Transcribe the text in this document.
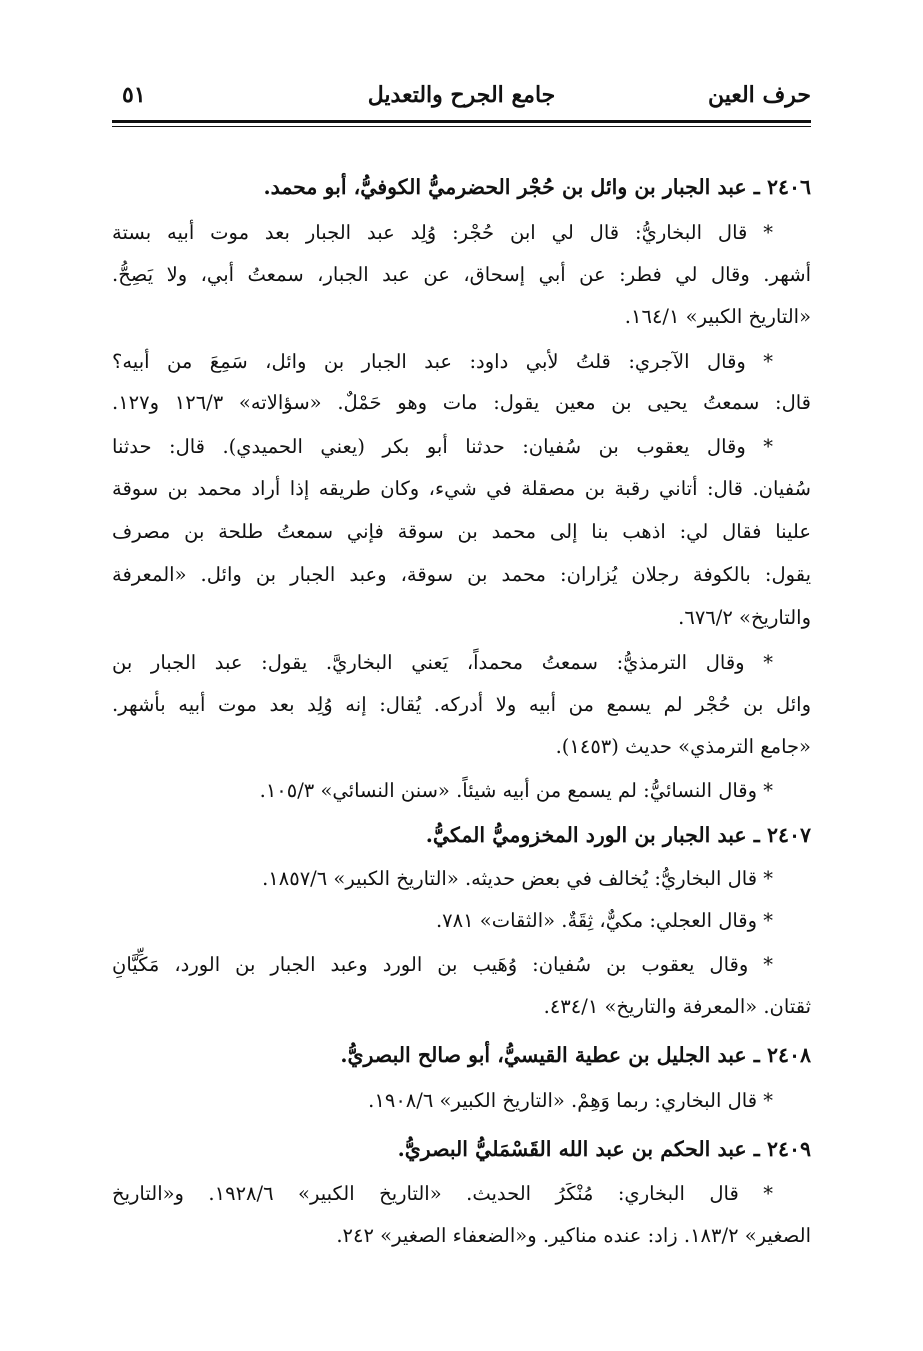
حرف العين
جامع الجرح والتعديل
٥١
٢٤٠٦ ـ عبد الجبار بن وائل بن حُجْر الحضرميُّ الكوفيُّ، أبو محمد.
* قال البخاريُّ: قال لي ابن حُجْر: وُلِد عبد الجبار بعد موت أبيه بستة
أشهر. وقال لي فطر: عن أبي إسحاق، عن عبد الجبار، سمعتُ أبي، ولا يَصِحُّ.
«التاريخ الكبير» ١٦٤/١.
* وقال الآجري: قلتُ لأبي داود: عبد الجبار بن وائل، سَمِعَ من أبيه؟
قال: سمعتُ يحيى بن معين يقول: مات وهو حَمْلٌ. «سؤالاته» ١٢٦/٣ و١٢٧.
* وقال يعقوب بن سُفيان: حدثنا أبو بكر (يعني الحميدي). قال: حدثنا
سُفيان. قال: أتاني رقبة بن مصقلة في شيء، وكان طريقه إذا أراد محمد بن سوقة
علينا فقال لي: اذهب بنا إلى محمد بن سوقة فإني سمعتُ طلحة بن مصرف
يقول: بالكوفة رجلان يُزاران: محمد بن سوقة، وعبد الجبار بن وائل. «المعرفة
والتاريخ» ٦٧٦/٢.
* وقال الترمذيُّ: سمعتُ محمداً، يَعني البخاريَّ. يقول: عبد الجبار بن
وائل بن حُجْر لم يسمع من أبيه ولا أدركه. يُقال: إنه وُلِد بعد موت أبيه بأشهر.
«جامع الترمذي» حديث (١٤٥٣).
* وقال النسائيُّ: لم يسمع من أبيه شيئاً. «سنن النسائي» ١٠٥/٣.
٢٤٠٧ ـ عبد الجبار بن الورد المخزوميُّ المكيُّ.
* قال البخاريُّ: يُخالف في بعض حديثه. «التاريخ الكبير» ١٨٥٧/٦.
* وقال العجلي: مكيٌّ، ثِقَةٌ. «الثقات» ٧٨١.
* وقال يعقوب بن سُفيان: وُهَيب بن الورد وعبد الجبار بن الورد، مَكِّيَّانِ
ثقتان. «المعرفة والتاريخ» ٤٣٤/١.
٢٤٠٨ ـ عبد الجليل بن عطية القيسيُّ، أبو صالح البصريُّ.
* قال البخاري: ربما وَهِمْ. «التاريخ الكبير» ١٩٠٨/٦.
٢٤٠٩ ـ عبد الحكم بن عبد الله القَسْمَليُّ البصريُّ.
* قال البخاري: مُنْكَرُ الحديث. «التاريخ الكبير» ١٩٢٨/٦. و«التاريخ
الصغير» ١٨٣/٢. زاد: عنده مناكير. و«الضعفاء الصغير» ٢٤٢.
